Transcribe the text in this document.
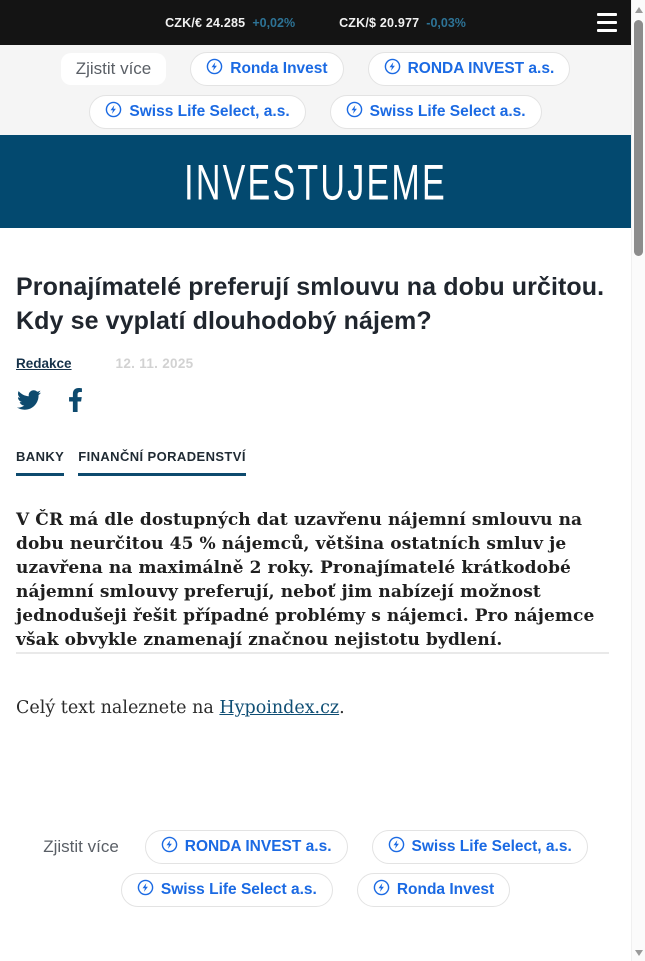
CZK/€ 24.285 +0,02%	CZK/$ 20.977 -0,03%
Zjistit více	Ronda Invest	RONDA INVEST a.s.
Swiss Life Select, a.s.	Swiss Life Select a.s.
INVESTUJEME
Pronajímatelé preferují smlouvu na dobu určitou. Kdy se vyplatí dlouhodobý nájem?
Redakce	12. 11. 2025
BANKY FINANČNÍ PORADENSTVÍ

V ČR má dle dostupných dat uzavřenu nájemní smlouvu na dobu neurčitou 45 % nájemců, většina ostatních smluv je uzavřena na maximálně 2 roky. Pronajímatelé krátkodobé nájemní smlouvy preferují, neboť jim nabízejí možnost jednodušeji řešit případné problémy s nájemci. Pro nájemce však obvykle znamenají značnou nejistotu bydlení.

Celý text naleznete na Hypoindex.cz.

Zjistit více	RONDA INVEST a.s.	Swiss Life Select, a.s.
Swiss Life Select a.s.	Ronda Invest
